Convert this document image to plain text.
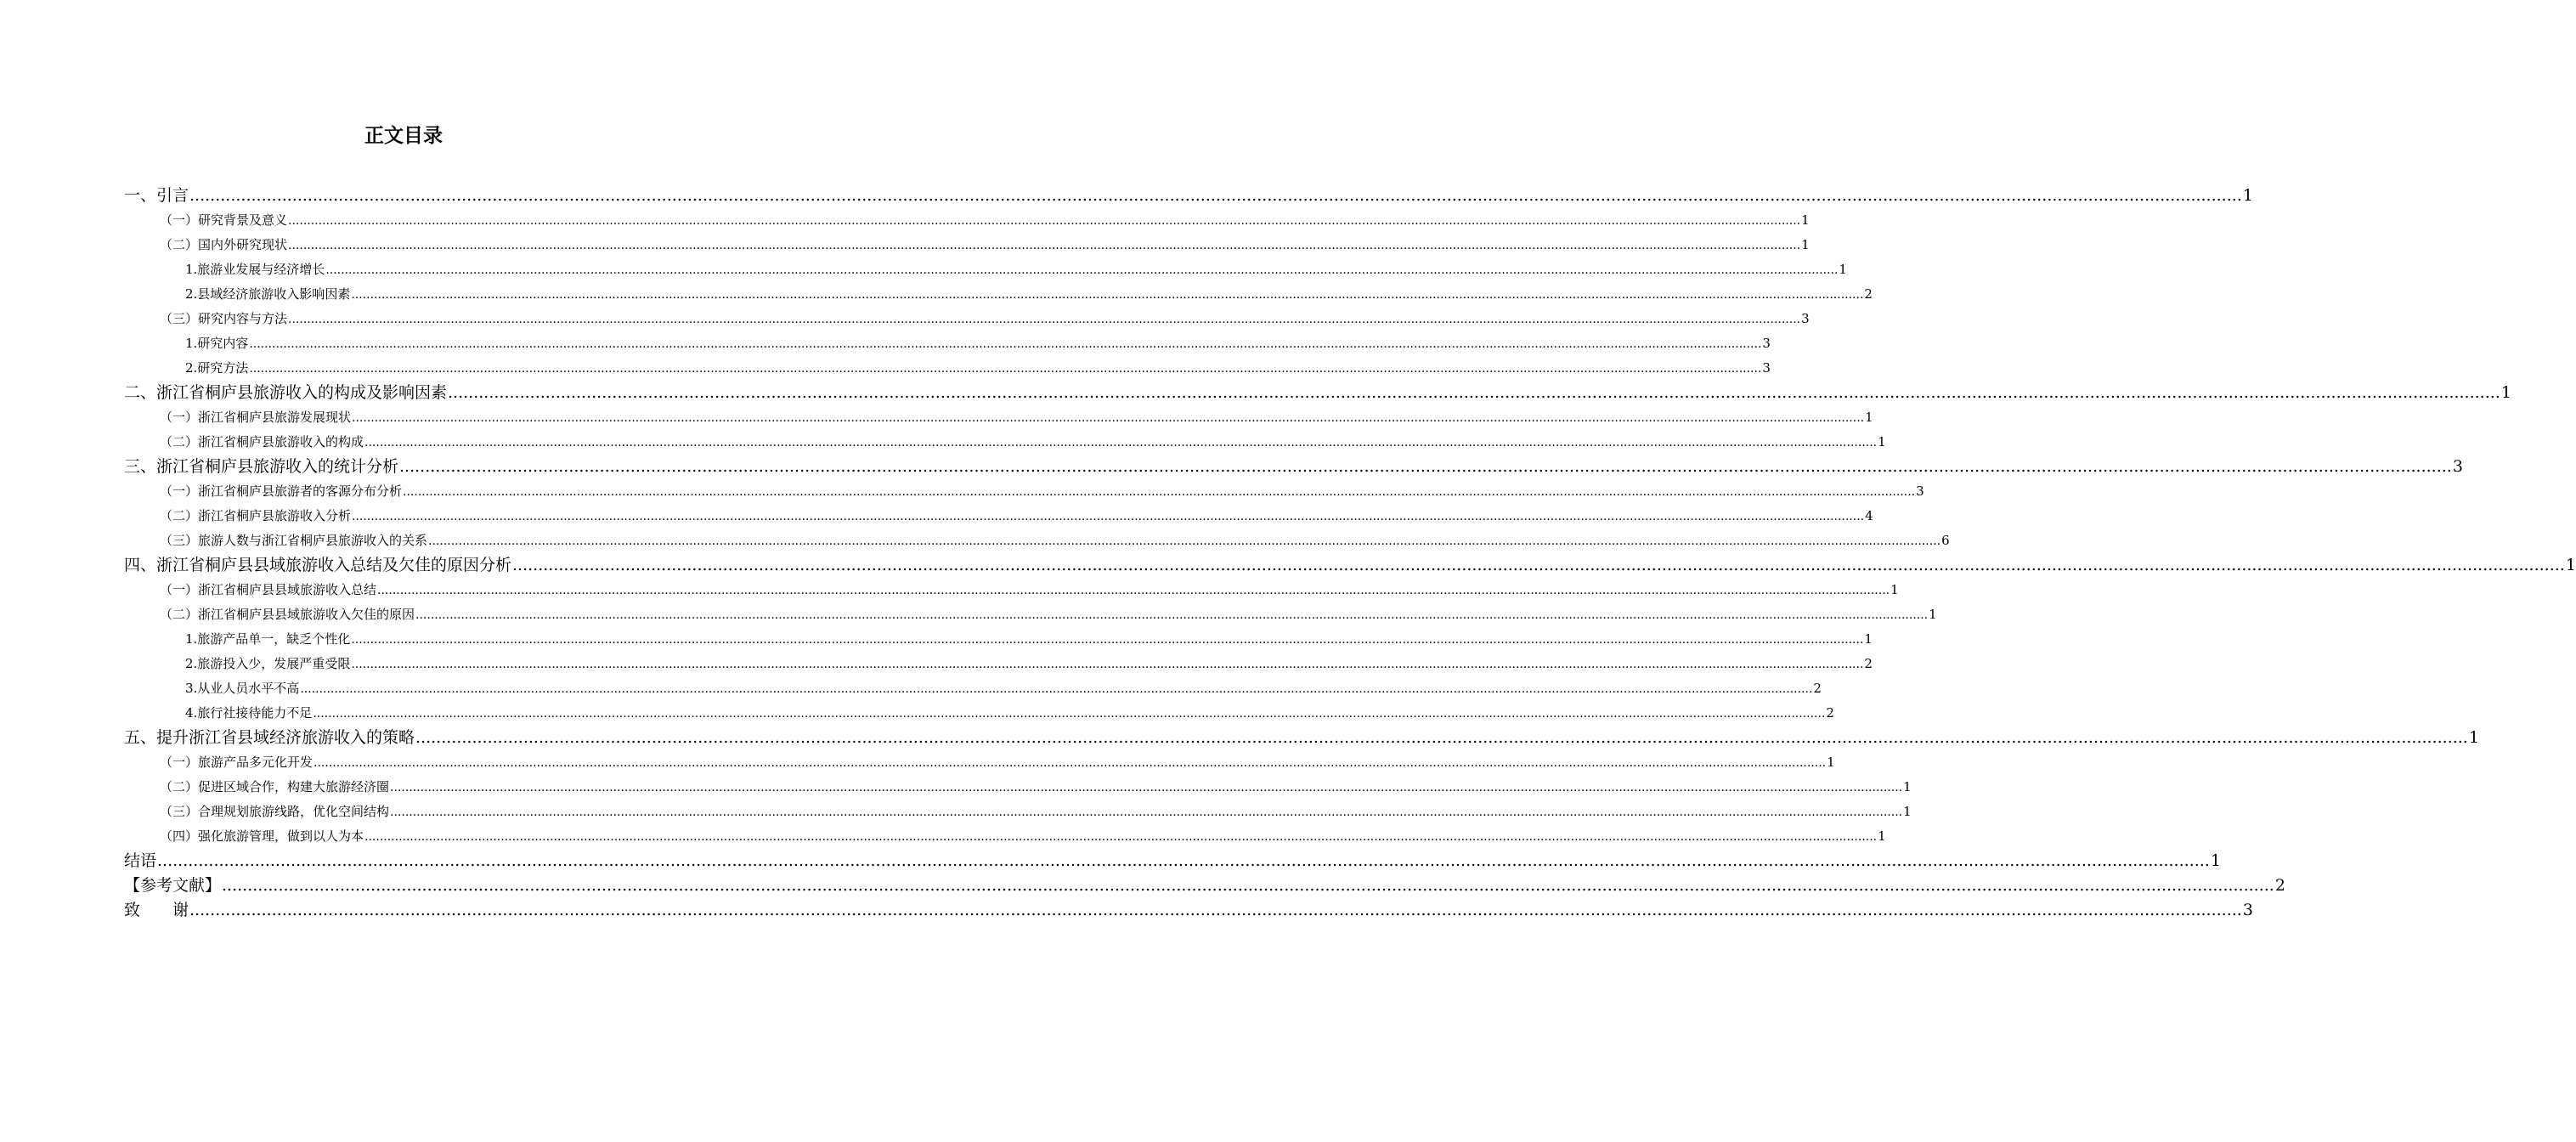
正文目录
一、引言 ................................................................................................................................................................................................................................................................................................................................................................................................................ 1
（一）研究背景及意义 ................................................................................................................................................................................................................................................................................................................................................................................................................ 1
（二）国内外研究现状 ................................................................................................................................................................................................................................................................................................................................................................................................................ 1
1.旅游业发展与经济增长 ................................................................................................................................................................................................................................................................................................................................................................................................................ 1
2.县域经济旅游收入影响因素 ................................................................................................................................................................................................................................................................................................................................................................................................................ 2
（三）研究内容与方法 ................................................................................................................................................................................................................................................................................................................................................................................................................ 3
1.研究内容 ................................................................................................................................................................................................................................................................................................................................................................................................................ 3
2.研究方法 ................................................................................................................................................................................................................................................................................................................................................................................................................ 3
二、浙江省桐庐县旅游收入的构成及影响因素 ................................................................................................................................................................................................................................................................................................................................................................................................................ 1
（一）浙江省桐庐县旅游发展现状 ................................................................................................................................................................................................................................................................................................................................................................................................................ 1
（二）浙江省桐庐县旅游收入的构成 ................................................................................................................................................................................................................................................................................................................................................................................................................ 1
三、浙江省桐庐县旅游收入的统计分析 ................................................................................................................................................................................................................................................................................................................................................................................................................ 3
（一）浙江省桐庐县旅游者的客源分布分析 ................................................................................................................................................................................................................................................................................................................................................................................................................ 3
（二）浙江省桐庐县旅游收入分析 ................................................................................................................................................................................................................................................................................................................................................................................................................ 4
（三）旅游人数与浙江省桐庐县旅游收入的关系 ................................................................................................................................................................................................................................................................................................................................................................................................................ 6
四、浙江省桐庐县县域旅游收入总结及欠佳的原因分析 ................................................................................................................................................................................................................................................................................................................................................................................................................ 1
（一）浙江省桐庐县县域旅游收入总结 ................................................................................................................................................................................................................................................................................................................................................................................................................ 1
（二）浙江省桐庐县县域旅游收入欠佳的原因 ................................................................................................................................................................................................................................................................................................................................................................................................................ 1
1.旅游产品单一，缺乏个性化 ................................................................................................................................................................................................................................................................................................................................................................................................................ 1
2.旅游投入少，发展严重受限 ................................................................................................................................................................................................................................................................................................................................................................................................................ 2
3.从业人员水平不高 ................................................................................................................................................................................................................................................................................................................................................................................................................ 2
4.旅行社接待能力不足 ................................................................................................................................................................................................................................................................................................................................................................................................................ 2
五、提升浙江省县域经济旅游收入的策略 ................................................................................................................................................................................................................................................................................................................................................................................................................ 1
（一）旅游产品多元化开发 ................................................................................................................................................................................................................................................................................................................................................................................................................ 1
（二）促进区域合作，构建大旅游经济圈 ................................................................................................................................................................................................................................................................................................................................................................................................................ 1
（三）合理规划旅游线路，优化空间结构 ................................................................................................................................................................................................................................................................................................................................................................................................................ 1
（四）强化旅游管理，做到以人为本 ................................................................................................................................................................................................................................................................................................................................................................................................................ 1
结语 ................................................................................................................................................................................................................................................................................................................................................................................................................ 1
【参考文献】 ................................................................................................................................................................................................................................................................................................................................................................................................................ 2
致　　谢 ................................................................................................................................................................................................................................................................................................................................................................................................................ 3
